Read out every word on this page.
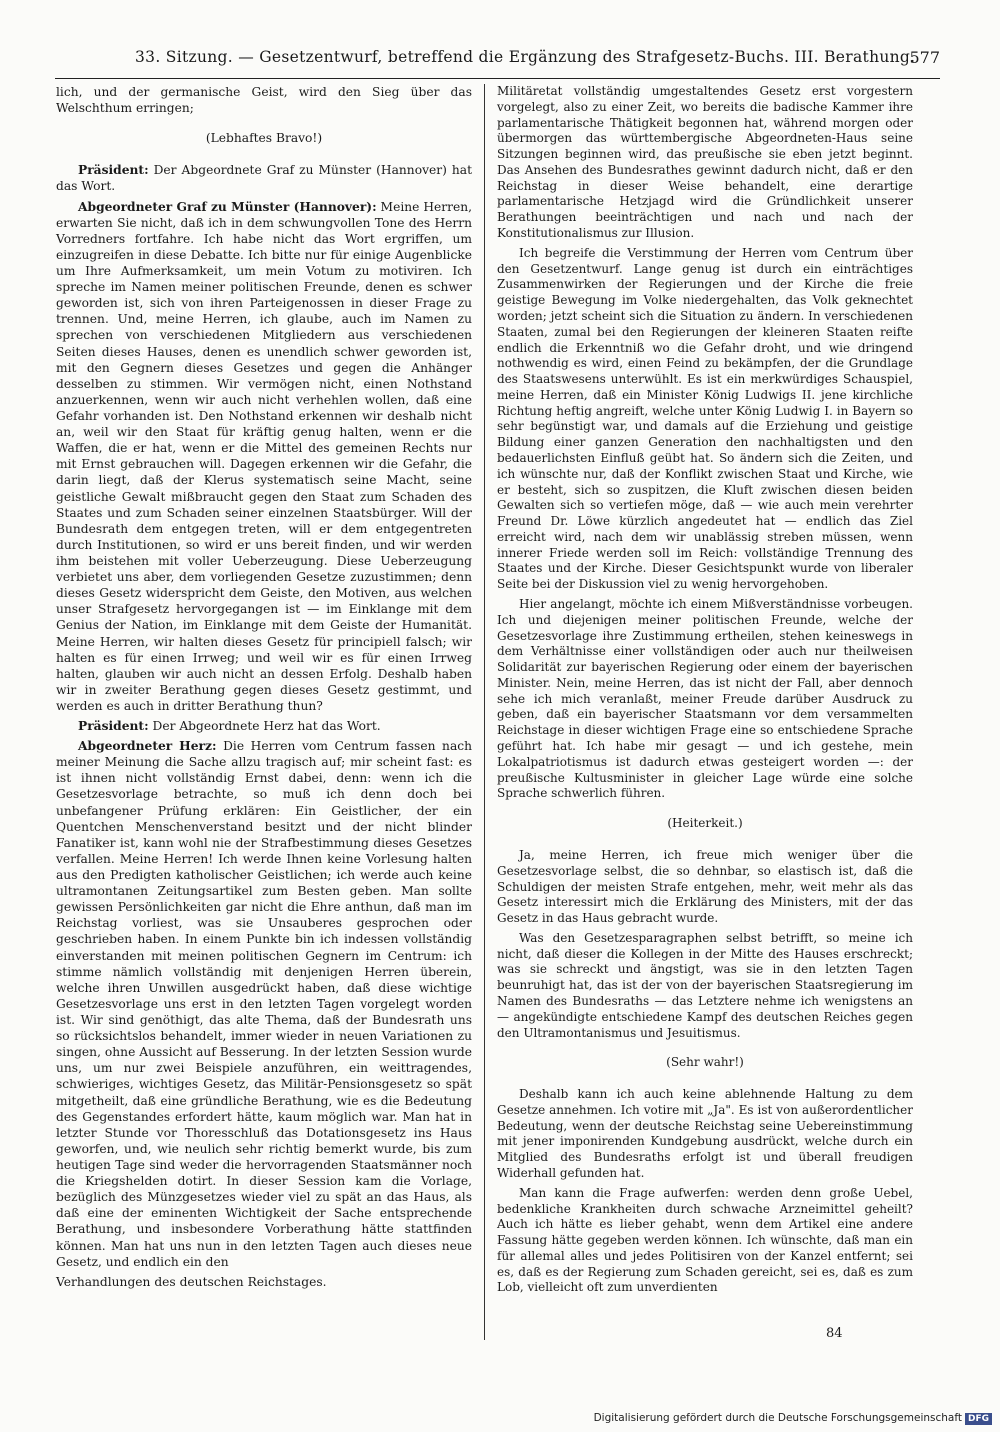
33. Sitzung. — Gesetzentwurf, betreffend die Ergänzung des Strafgesetz-Buchs. III. Berathung.
577

lich, und der germanische Geist, wird den Sieg über das Welschthum erringen;

(Lebhaftes Bravo!)

Präsident: Der Abgeordnete Graf zu Münster (Hannover) hat das Wort.

Abgeordneter Graf zu Münster (Hannover): Meine Herren, erwarten Sie nicht, daß ich in dem schwungvollen Tone des Herrn Vorredners fortfahre. Ich habe nicht das Wort ergriffen, um einzugreifen in diese Debatte. Ich bitte nur für einige Augenblicke um Ihre Aufmerksamkeit, um mein Votum zu motiviren. Ich spreche im Namen meiner politischen Freunde, denen es schwer geworden ist, sich von ihren Parteigenossen in dieser Frage zu trennen. Und, meine Herren, ich glaube, auch im Namen zu sprechen von verschiedenen Mitgliedern aus verschiedenen Seiten dieses Hauses, denen es unendlich schwer geworden ist, mit den Gegnern dieses Gesetzes und gegen die Anhänger desselben zu stimmen. Wir vermögen nicht, einen Nothstand anzuerkennen, wenn wir auch nicht verhehlen wollen, daß eine Gefahr vorhanden ist. Den Nothstand erkennen wir deshalb nicht an, weil wir den Staat für kräftig genug halten, wenn er die Waffen, die er hat, wenn er die Mittel des gemeinen Rechts nur mit Ernst gebrauchen will. Dagegen erkennen wir die Gefahr, die darin liegt, daß der Klerus systematisch seine Macht, seine geistliche Gewalt mißbraucht gegen den Staat zum Schaden des Staates und zum Schaden seiner einzelnen Staatsbürger. Will der Bundesrath dem entgegen treten, will er dem entgegentreten durch Institutionen, so wird er uns bereit finden, und wir werden ihm beistehen mit voller Ueberzeugung. Diese Ueberzeugung verbietet uns aber, dem vorliegenden Gesetze zuzustimmen; denn dieses Gesetz widerspricht dem Geiste, den Motiven, aus welchen unser Strafgesetz hervorgegangen ist — im Einklange mit dem Genius der Nation, im Einklange mit dem Geiste der Humanität. Meine Herren, wir halten dieses Gesetz für principiell falsch; wir halten es für einen Irrweg; und weil wir es für einen Irrweg halten, glauben wir auch nicht an dessen Erfolg. Deshalb haben wir in zweiter Berathung gegen dieses Gesetz gestimmt, und werden es auch in dritter Berathung thun?

Präsident: Der Abgeordnete Herz hat das Wort.

Abgeordneter Herz: Die Herren vom Centrum fassen nach meiner Meinung die Sache allzu tragisch auf; mir scheint fast: es ist ihnen nicht vollständig Ernst dabei, denn: wenn ich die Gesetzesvorlage betrachte, so muß ich denn doch bei unbefangener Prüfung erklären: Ein Geistlicher, der ein Quentchen Menschenverstand besitzt und der nicht blinder Fanatiker ist, kann wohl nie der Strafbestimmung dieses Gesetzes verfallen. Meine Herren! Ich werde Ihnen keine Vorlesung halten aus den Predigten katholischer Geistlichen; ich werde auch keine ultramontanen Zeitungsartikel zum Besten geben. Man sollte gewissen Persönlichkeiten gar nicht die Ehre anthun, daß man im Reichstag vorliest, was sie Unsauberes gesprochen oder geschrieben haben. In einem Punkte bin ich indessen vollständig einverstanden mit meinen politischen Gegnern im Centrum: ich stimme nämlich vollständig mit denjenigen Herren überein, welche ihren Unwillen ausgedrückt haben, daß diese wichtige Gesetzesvorlage uns erst in den letzten Tagen vorgelegt worden ist. Wir sind genöthigt, das alte Thema, daß der Bundesrath uns so rücksichtslos behandelt, immer wieder in neuen Variationen zu singen, ohne Aussicht auf Besserung. In der letzten Session wurde uns, um nur zwei Beispiele anzuführen, ein weittragendes, schwieriges, wichtiges Gesetz, das Militär-Pensionsgesetz so spät mitgetheilt, daß eine gründliche Berathung, wie es die Bedeutung des Gegenstandes erfordert hätte, kaum möglich war. Man hat in letzter Stunde vor Thoresschluß das Dotationsgesetz ins Haus geworfen, und, wie neulich sehr richtig bemerkt wurde, bis zum heutigen Tage sind weder die hervorragenden Staatsmänner noch die Kriegshelden dotirt. In dieser Session kam die Vorlage, bezüglich des Münzgesetzes wieder viel zu spät an das Haus, als daß eine der eminenten Wichtigkeit der Sache entsprechende Berathung, und insbesondere Vorberathung hätte stattfinden können. Man hat uns nun in den letzten Tagen auch dieses neue Gesetz, und endlich ein den

Verhandlungen des deutschen Reichstages.

Militäretat vollständig umgestaltendes Gesetz erst vorgestern vorgelegt, also zu einer Zeit, wo bereits die badische Kammer ihre parlamentarische Thätigkeit begonnen hat, während morgen oder übermorgen das württembergische Abgeordneten-Haus seine Sitzungen beginnen wird, das preußische sie eben jetzt beginnt. Das Ansehen des Bundesrathes gewinnt dadurch nicht, daß er den Reichstag in dieser Weise behandelt, eine derartige parlamentarische Hetzjagd wird die Gründlichkeit unserer Berathungen beeinträchtigen und nach und nach der Konstitutionalismus zur Illusion.

Ich begreife die Verstimmung der Herren vom Centrum über den Gesetzentwurf. Lange genug ist durch ein einträchtiges Zusammenwirken der Regierungen und der Kirche die freie geistige Bewegung im Volke niedergehalten, das Volk geknechtet worden; jetzt scheint sich die Situation zu ändern. In verschiedenen Staaten, zumal bei den Regierungen der kleineren Staaten reifte endlich die Erkenntniß wo die Gefahr droht, und wie dringend nothwendig es wird, einen Feind zu bekämpfen, der die Grundlage des Staatswesens unterwühlt. Es ist ein merkwürdiges Schauspiel, meine Herren, daß ein Minister König Ludwigs II. jene kirchliche Richtung heftig angreift, welche unter König Ludwig I. in Bayern so sehr begünstigt war, und damals auf die Erziehung und geistige Bildung einer ganzen Generation den nachhaltigsten und den bedauerlichsten Einfluß geübt hat. So ändern sich die Zeiten, und ich wünschte nur, daß der Konflikt zwischen Staat und Kirche, wie er besteht, sich so zuspitzen, die Kluft zwischen diesen beiden Gewalten sich so vertiefen möge, daß — wie auch mein verehrter Freund Dr. Löwe kürzlich angedeutet hat — endlich das Ziel erreicht wird, nach dem wir unablässig streben müssen, wenn innerer Friede werden soll im Reich: vollständige Trennung des Staates und der Kirche. Dieser Gesichtspunkt wurde von liberaler Seite bei der Diskussion viel zu wenig hervorgehoben.

Hier angelangt, möchte ich einem Mißverständnisse vorbeugen. Ich und diejenigen meiner politischen Freunde, welche der Gesetzesvorlage ihre Zustimmung ertheilen, stehen keineswegs in dem Verhältnisse einer vollständigen oder auch nur theilweisen Solidarität zur bayerischen Regierung oder einem der bayerischen Minister. Nein, meine Herren, das ist nicht der Fall, aber dennoch sehe ich mich veranlaßt, meiner Freude darüber Ausdruck zu geben, daß ein bayerischer Staatsmann vor dem versammelten Reichstage in dieser wichtigen Frage eine so entschiedene Sprache geführt hat. Ich habe mir gesagt — und ich gestehe, mein Lokalpatriotismus ist dadurch etwas gesteigert worden —: der preußische Kultusminister in gleicher Lage würde eine solche Sprache schwerlich führen.

(Heiterkeit.)

Ja, meine Herren, ich freue mich weniger über die Gesetzesvorlage selbst, die so dehnbar, so elastisch ist, daß die Schuldigen der meisten Strafe entgehen, mehr, weit mehr als das Gesetz interessirt mich die Erklärung des Ministers, mit der das Gesetz in das Haus gebracht wurde.

Was den Gesetzesparagraphen selbst betrifft, so meine ich nicht, daß dieser die Kollegen in der Mitte des Hauses erschreckt; was sie schreckt und ängstigt, was sie in den letzten Tagen beunruhigt hat, das ist der von der bayerischen Staatsregierung im Namen des Bundesraths — das Letztere nehme ich wenigstens an — angekündigte entschiedene Kampf des deutschen Reiches gegen den Ultramontanismus und Jesuitismus.

(Sehr wahr!)

Deshalb kann ich auch keine ablehnende Haltung zu dem Gesetze annehmen. Ich votire mit „Ja". Es ist von außerordentlicher Bedeutung, wenn der deutsche Reichstag seine Uebereinstimmung mit jener imponirenden Kundgebung ausdrückt, welche durch ein Mitglied des Bundesraths erfolgt ist und überall freudigen Widerhall gefunden hat.

Man kann die Frage aufwerfen: werden denn große Uebel, bedenkliche Krankheiten durch schwache Arzneimittel geheilt? Auch ich hätte es lieber gehabt, wenn dem Artikel eine andere Fassung hätte gegeben werden können. Ich wünschte, daß man ein für allemal alles und jedes Politisiren von der Kanzel entfernt; sei es, daß es der Regierung zum Schaden gereicht, sei es, daß es zum Lob, vielleicht oft zum unverdienten

84
Digitalisierung gefördert durch die Deutsche Forschungsgemeinschaft DFG
